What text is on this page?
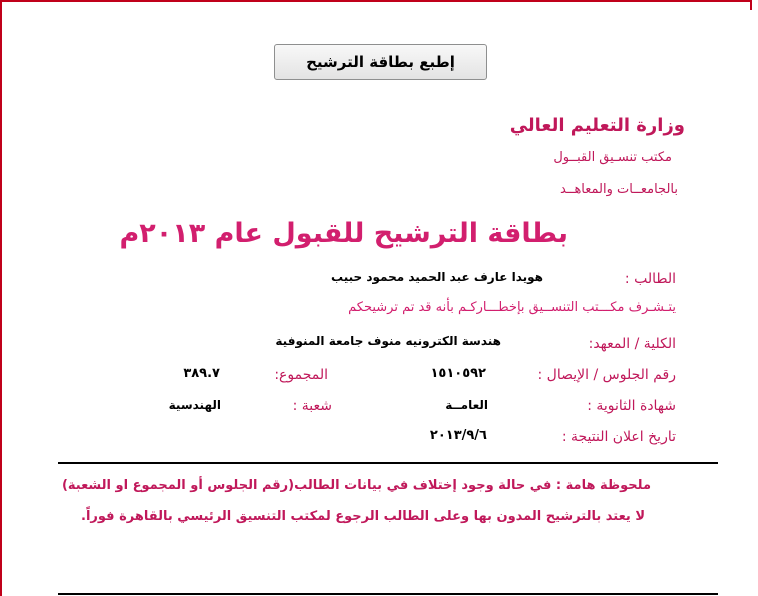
إطبع بطاقة الترشيح
وزارة التعليم العالي
مكتب تنسـيق القبــول
بالجامعــات والمعاهــد
بطاقة الترشيح للقبول عام ٢٠١٣م
الطالب :
هويدا عارف عبد الحميد محمود حبيب
يتـشـرف مكـــتب التنســيق بإخطـــاركـم بأنه قد تم ترشيحكم
الكلية / المعهد:
هندسة الكترونيه منوف جامعة المنوفية
رقم الجلوس / الإيصال :
١٥١٠٥٩٢
المجموع:
٣٨٩.٧
شهادة الثانوية :
العامــة
شعبة :
الهندسية
تاريخ اعلان النتيجة :
٢٠١٣/٩/٦
ملحوظة هامة : في حالة وجود إختلاف في بيانات الطالب(رقم الجلوس أو المجموع او الشعبة)
لا يعتد بالترشيح المدون بها وعلى الطالب الرجوع لمكتب التنسيق الرئيسي بالقاهرة فوراً.
